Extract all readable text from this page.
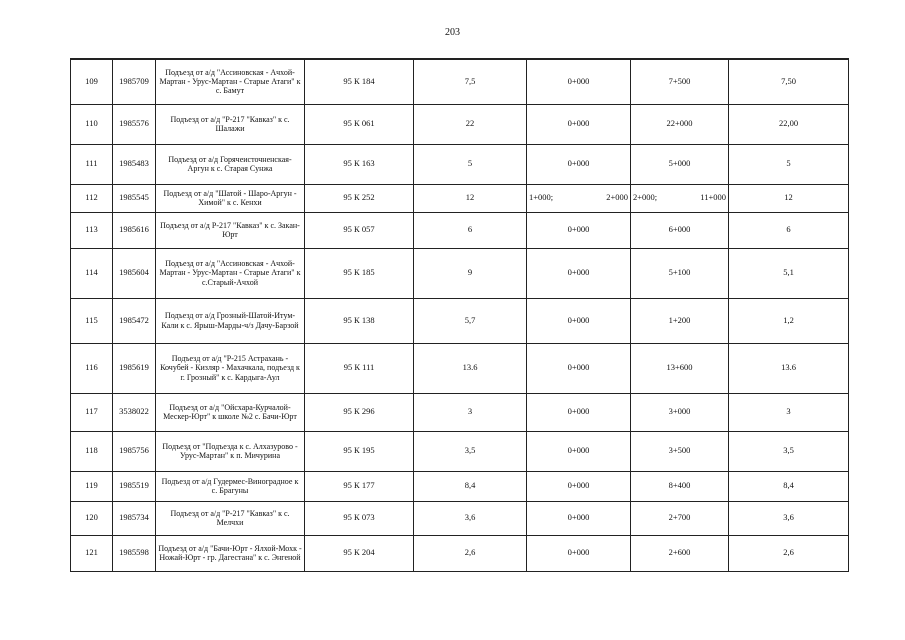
203
109	1985709	Подъезд от а/д "Ассиновская - Ачхой-Мартан - Урус-Мартан - Старые Атаги" к с. Бамут	95 К 184	7,5	0+000	7+500	7,50
110	1985576	Подъезд от а/д "Р-217 "Кавказ" к с. Шалажи	95 К 061	22	0+000	22+000	22,00
111	1985483	Подъезд от а/д Горячеисточненская-Аргун к с. Старая Сунжа	95 К 163	5	0+000	5+000	5
112	1985545	Подъезд от а/д "Шатой - Шаро-Аргун - Химой" к с. Кенхи	95 К 252	12	1+000; 2+000	2+000; 11+000	12
113	1985616	Подъезд от а/д Р-217 "Кавказ" к с. Закан-Юрт	95 К 057	6	0+000	6+000	6
114	1985604	Подъезд от а/д "Ассиновская - Ачхой-Мартан - Урус-Мартан - Старые Атаги" к с.Старый-Ачхой	95 К 185	9	0+000	5+100	5,1
115	1985472	Подъезд от а/д Грозный-Шатой-Итум-Кали к с. Ярыш-Марды-ч/з Дачу-Барзой	95 К 138	5,7	0+000	1+200	1,2
116	1985619	Подъезд от а/д "Р-215 Астрахань - Кочубей - Кизляр - Махачкала, подъезд к г. Грозный" к с. Кардыга-Аул	95 К 111	13.6	0+000	13+600	13.6
117	3538022	Подъезд от а/д "Ойсхара-Курчалой-Мескер-Юрт" к школе №2 с. Бачи-Юрт	95 К 296	3	0+000	3+000	3
118	1985756	Подъезд от "Подъезда к с. Алхазурово - Урус-Мартан" к п. Мичурина	95 К 195	3,5	0+000	3+500	3,5
119	1985519	Подъезд от а/д Гудермес-Виноградное к с. Брагуны	95 К 177	8,4	0+000	8+400	8,4
120	1985734	Подъезд от а/д "Р-217 "Кавказ" к с. Мелчхи	95 К 073	3,6	0+000	2+700	3,6
121	1985598	Подъезд от а/д "Бачи-Юрт - Ялхой-Мохк - Ножай-Юрт - гр. Дагестана" к с. Энгеной	95 К 204	2,6	0+000	2+600	2,6
